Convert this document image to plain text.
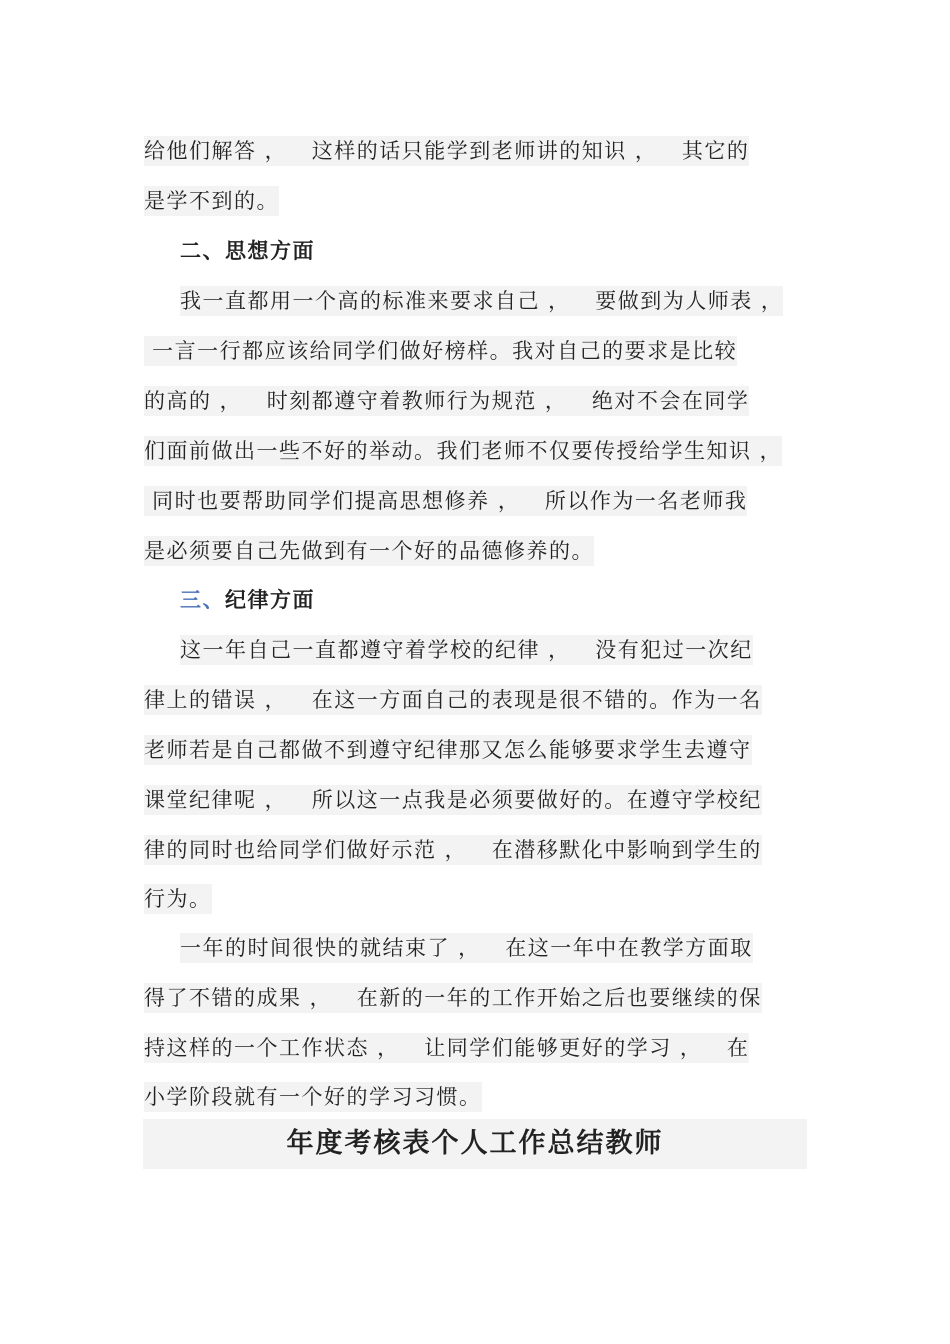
给他们解答 ，   这样的话只能学到老师讲的知识 ，   其它的
是学不到的。
二、思想方面
我一直都用一个高的标准来要求自己 ，   要做到为人师表 ，
一言一行都应该给同学们做好榜样。我对自己的要求是比较
的高的 ，   时刻都遵守着教师行为规范 ，   绝对不会在同学
们面前做出一些不好的举动。我们老师不仅要传授给学生知识 ，
同时也要帮助同学们提高思想修养 ，   所以作为一名老师我
是必须要自己先做到有一个好的品德修养的。
三、纪律方面
这一年自己一直都遵守着学校的纪律 ，   没有犯过一次纪
律上的错误 ，   在这一方面自己的表现是很不错的。作为一名
老师若是自己都做不到遵守纪律那又怎么能够要求学生去遵守
课堂纪律呢 ，   所以这一点我是必须要做好的。在遵守学校纪
律的同时也给同学们做好示范 ，   在潜移默化中影响到学生的
行为。
一年的时间很快的就结束了 ，   在这一年中在教学方面取
得了不错的成果 ，   在新的一年的工作开始之后也要继续的保
持这样的一个工作状态 ，   让同学们能够更好的学习 ，   在
小学阶段就有一个好的学习习惯。
年度考核表个人工作总结教师
